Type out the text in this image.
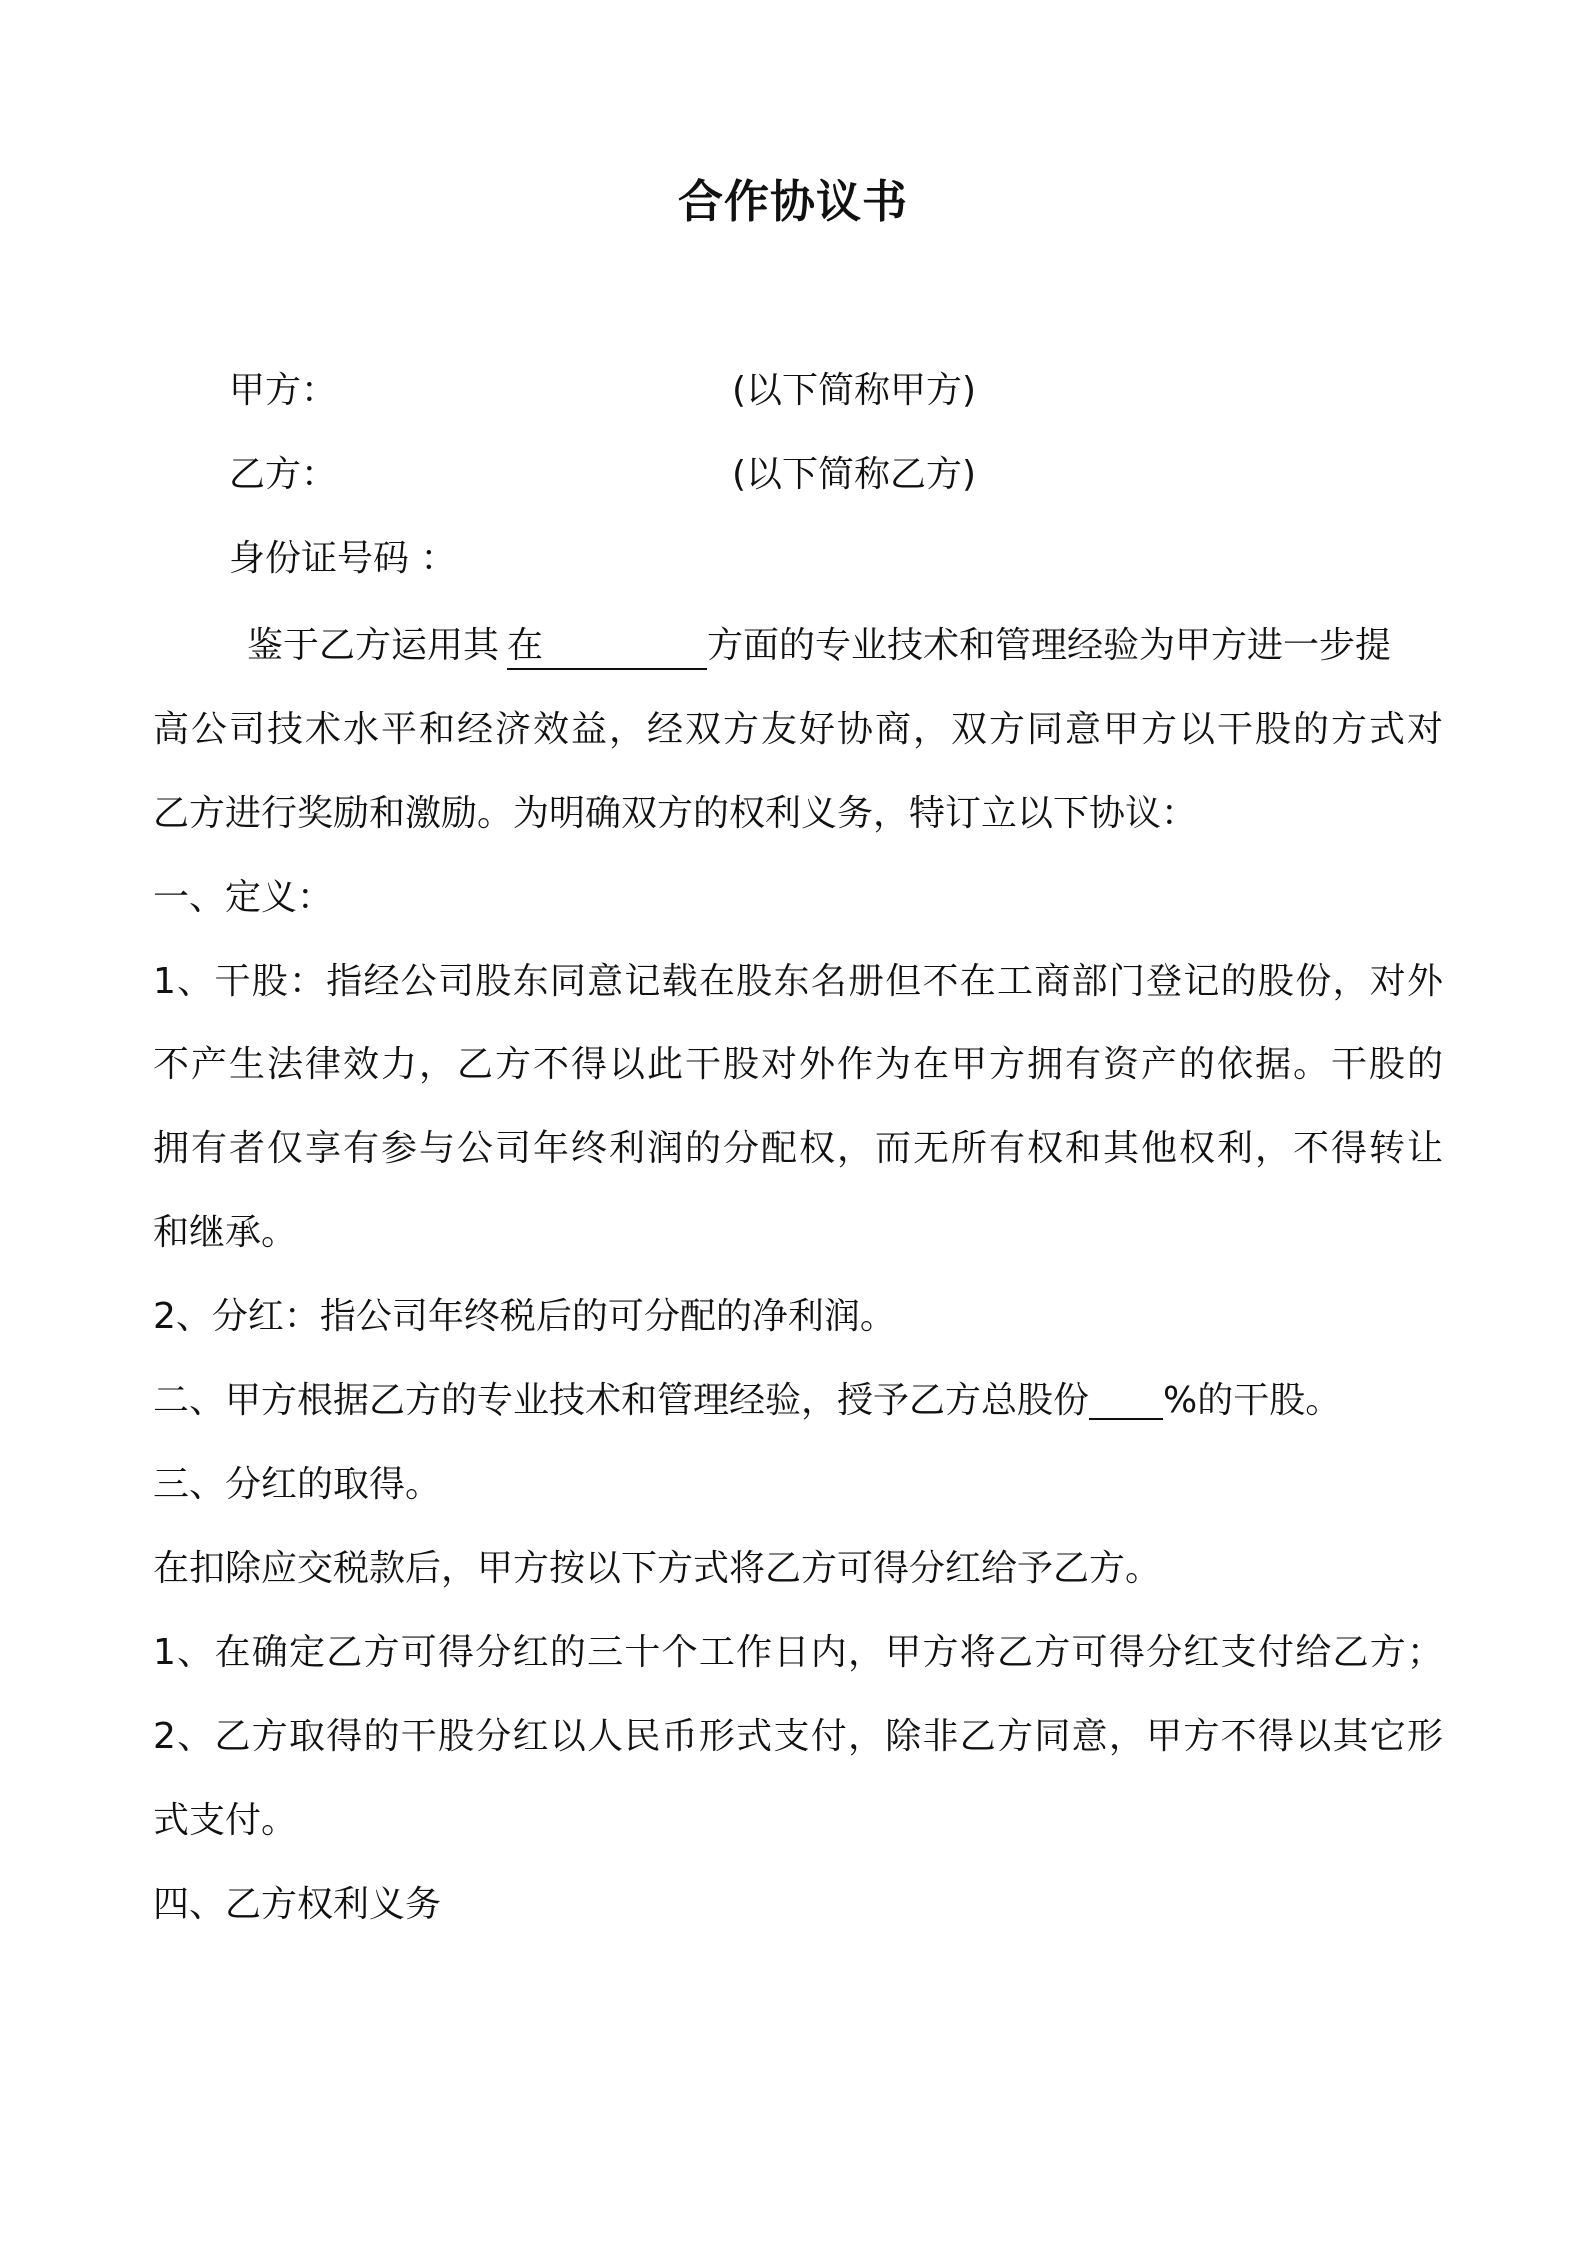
合作协议书
甲方：	(以下简称甲方)
乙方：	(以下简称乙方)
身份证号码 ：
鉴于乙方运用其 在	方面的专业技术和管理经验为甲方进一步提
高公司技术水平和经济效益，经双方友好协商，双方同意甲方以干股的方式对
乙方进行奖励和激励。为明确双方的权利义务，特订立以下协议：
一、定义：
1、干股：指经公司股东同意记载在股东名册但不在工商部门登记的股份，对外
不产生法律效力，乙方不得以此干股对外作为在甲方拥有资产的依据。干股的
拥有者仅享有参与公司年终利润的分配权，而无所有权和其他权利，不得转让
和继承。
2、分红：指公司年终税后的可分配的净利润。
二、甲方根据乙方的专业技术和管理经验，授予乙方总股份 %的干股。
三、分红的取得。
在扣除应交税款后，甲方按以下方式将乙方可得分红给予乙方。
1、在确定乙方可得分红的三十个工作日内，甲方将乙方可得分红支付给乙方；
2、乙方取得的干股分红以人民币形式支付，除非乙方同意，甲方不得以其它形
式支付。
四、乙方权利义务
